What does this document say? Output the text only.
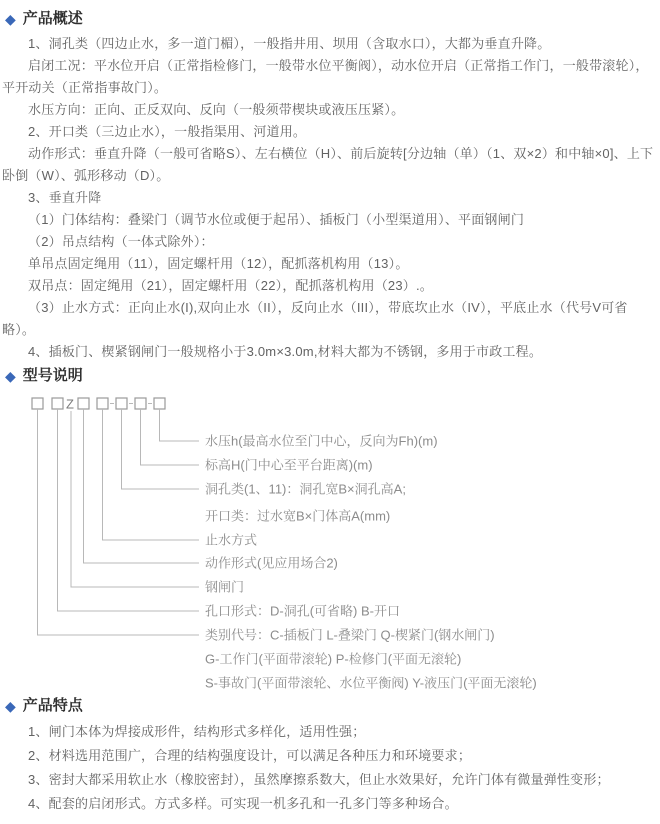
◆ 产品概述

1、洞孔类（四边止水，多一道门楣），一般指井用、坝用（含取水口），大都为垂直升降。

启闭工况：平水位开启（正常指检修门，一般带水位平衡阀），动水位开启（正常指工作门，一般带滚轮），平开动关（正常指事故门）。

水压方向：正向、正反双向、反向（一般须带楔块或液压压紧）。

2、开口类（三边止水），一般指渠用、河道用。

动作形式：垂直升降（一般可省略S）、左右横位（H）、前后旋转[分边轴（单）（1、双×2）和中轴×0]、上下卧倒（W）、弧形移动（D）。

3、垂直升降

（1）门体结构：叠梁门（调节水位或便于起吊）、插板门（小型渠道用）、平面钢闸门

（2）吊点结构（一体式除外）：

单吊点固定绳用（11），固定螺杆用（12），配抓落机构用（13）。

双吊点：固定绳用（21），固定螺杆用（22），配抓落机构用（23）.。

（3）止水方式：正向止水(I),双向止水（II），反向止水（III），带底坎止水（IV），平底止水（代号V可省略）。

4、插板门、楔紧钢闸门一般规格小于3.0m×3.0m,材料大都为不锈钢，多用于市政工程。

◆ 型号说明
Z
水压h(最高水位至门中心，反向为Fh)(m)
标高H(门中心至平台距离)(m)
洞孔类(1、11)：洞孔宽B×洞孔高A;
开口类：过水宽B×门体高A(mm)
止水方式
动作形式(见应用场合2)
钢闸门
孔口形式：D-洞孔(可省略) B-开口
类别代号：C-插板门 L-叠梁门 Q-楔紧门(钢水闸门)
G-工作门(平面带滚轮) P-检修门(平面无滚轮)
S-事故门(平面带滚轮、水位平衡阀) Y-液压门(平面无滚轮)
◆ 产品特点

1、闸门本体为焊接成形件，结构形式多样化，适用性强；

2、材料选用范围广，合理的结构强度设计，可以满足各种压力和环境要求；

3、密封大都采用软止水（橡胶密封），虽然摩擦系数大，但止水效果好，允许门体有微量弹性变形；

4、配套的启闭形式。方式多样。可实现一机多孔和一孔多门等多种场合。
